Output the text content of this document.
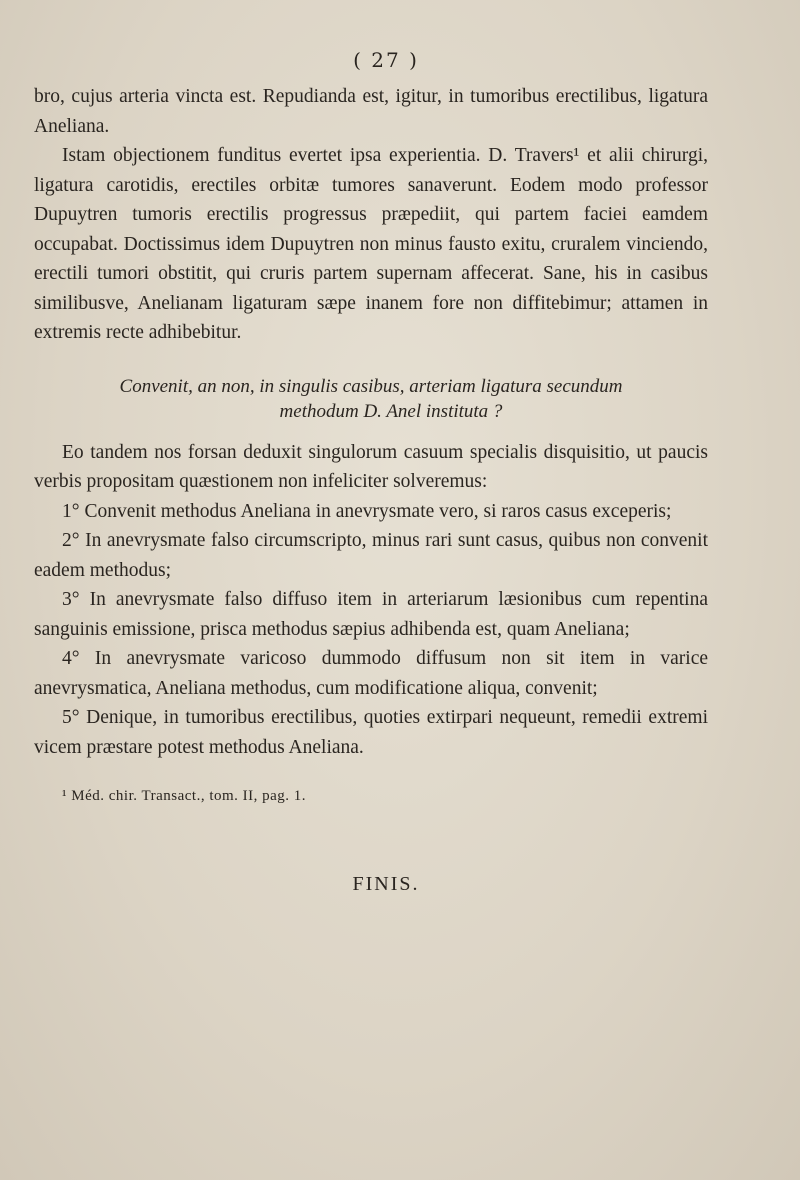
( 27 )

bro, cujus arteria vincta est. Repudianda est, igitur, in tumoribus erectilibus, ligatura Aneliana.

Istam objectionem funditus evertet ipsa experientia. D. Travers¹ et alii chirurgi, ligatura carotidis, erectiles orbitæ tumores sanaverunt. Eodem modo professor Dupuytren tumoris erectilis progressus præpediit, qui partem faciei eamdem occupabat. Doctissimus idem Dupuytren non minus fausto exitu, cruralem vinciendo, erectili tumori obstitit, qui cruris partem supernam affecerat. Sane, his in casibus similibusve, Anelianam ligaturam sæpe inanem fore non diffitebimur; attamen in extremis recte adhibebitur.

Convenit, an non, in singulis casibus, arteriam ligatura secundum
methodum D. Anel instituta ?

Eo tandem nos forsan deduxit singulorum casuum specialis disquisitio, ut paucis verbis propositam quæstionem non infeliciter solveremus:

1° Convenit methodus Aneliana in anevrysmate vero, si raros casus exceperis;

2° In anevrysmate falso circumscripto, minus rari sunt casus, quibus non convenit eadem methodus;

3° In anevrysmate falso diffuso item in arteriarum læsionibus cum repentina sanguinis emissione, prisca methodus sæpius adhibenda est, quam Aneliana;

4° In anevrysmate varicoso dummodo diffusum non sit item in varice anevrysmatica, Aneliana methodus, cum modificatione aliqua, convenit;

5° Denique, in tumoribus erectilibus, quoties extirpari nequeunt, remedii extremi vicem præstare potest methodus Aneliana.

¹ Méd. chir. Transact., tom. II, pag. 1.
FINIS.
